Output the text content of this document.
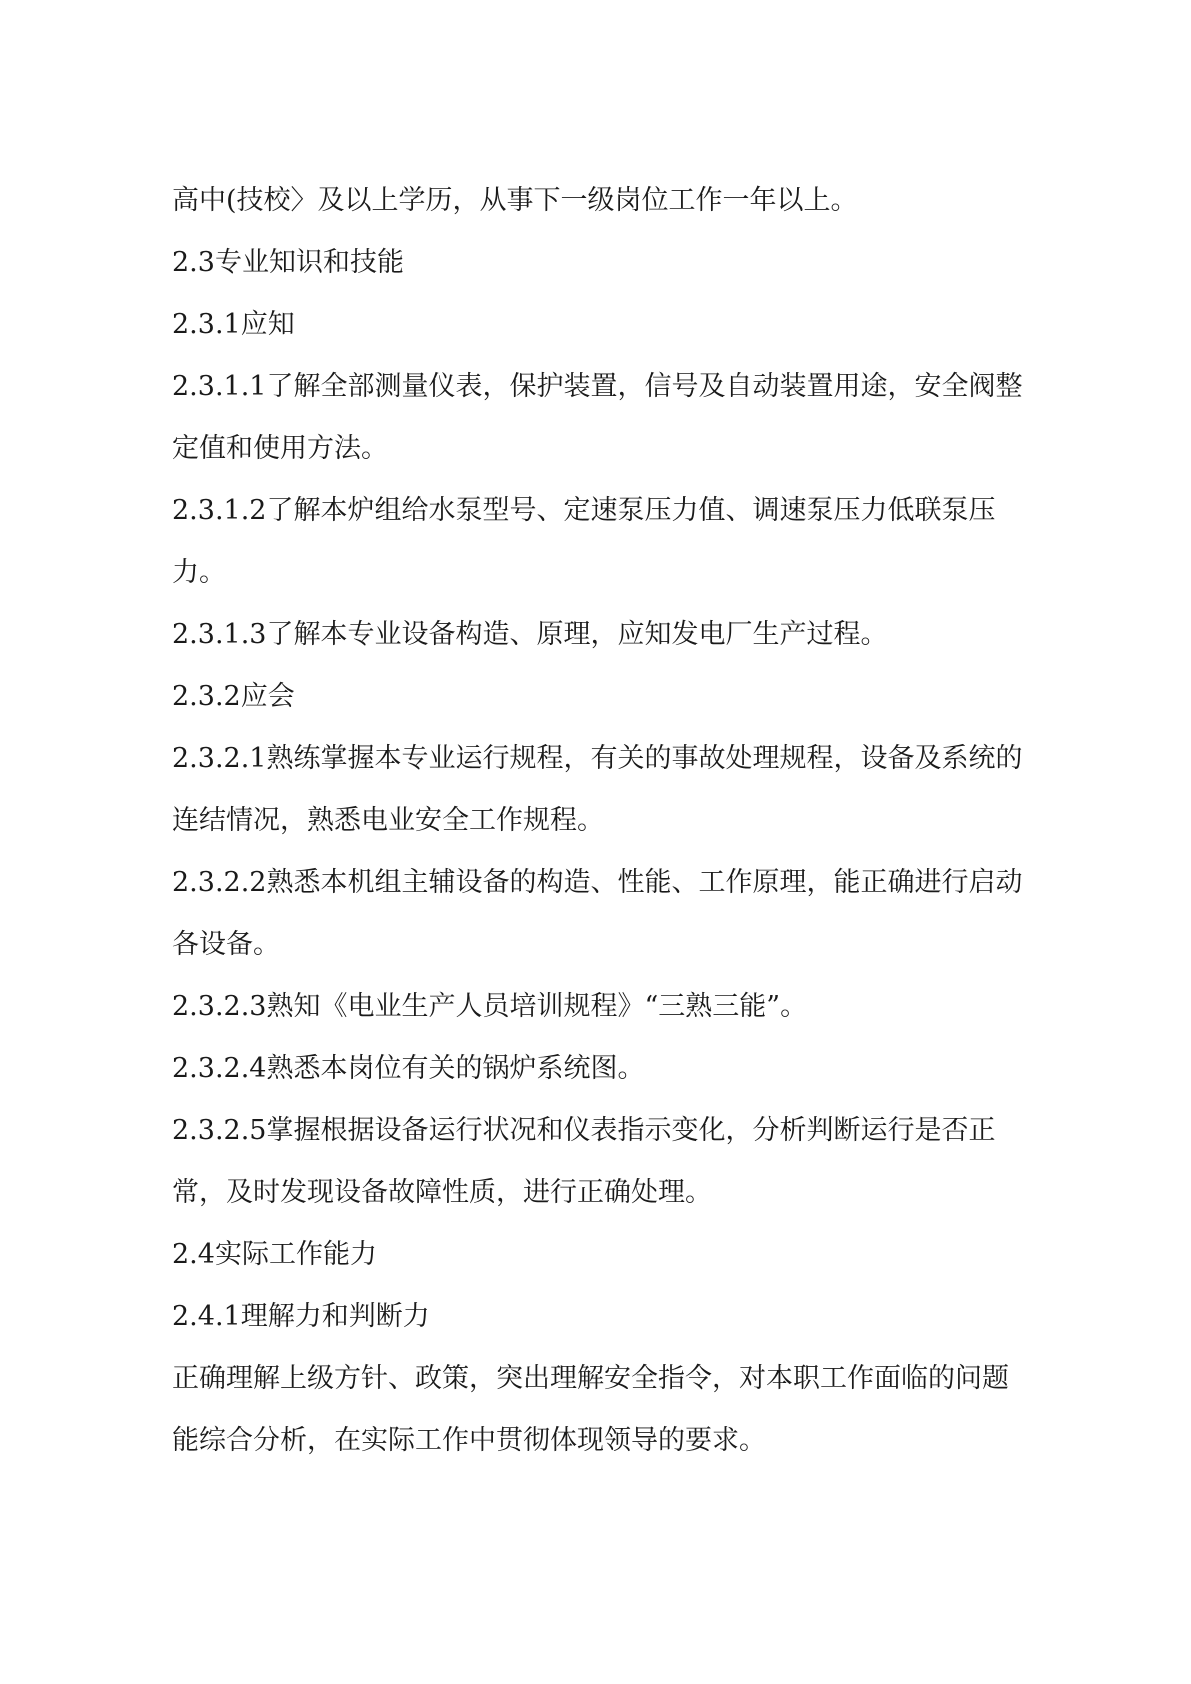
高中(技校〉及以上学历，从事下一级岗位工作一年以上。

2.3专业知识和技能

2.3.1应知

2.3.1.1了解全部测量仪表，保护装置，信号及自动装置用途，安全阀整定值和使用方法。

2.3.1.2了解本炉组给水泵型号、定速泵压力值、调速泵压力低联泵压力。

2.3.1.3了解本专业设备构造、原理，应知发电厂生产过程。

2.3.2应会

2.3.2.1熟练掌握本专业运行规程，有关的事故处理规程，设备及系统的连结情况，熟悉电业安全工作规程。

2.3.2.2熟悉本机组主辅设备的构造、性能、工作原理，能正确进行启动各设备。

2.3.2.3熟知《电业生产人员培训规程》“三熟三能”。

2.3.2.4熟悉本岗位有关的锅炉系统图。

2.3.2.5掌握根据设备运行状况和仪表指示变化，分析判断运行是否正常，及时发现设备故障性质，进行正确处理。

2.4实际工作能力

2.4.1理解力和判断力

正确理解上级方针、政策，突出理解安全指令，对本职工作面临的问题能综合分析，在实际工作中贯彻体现领导的要求。
